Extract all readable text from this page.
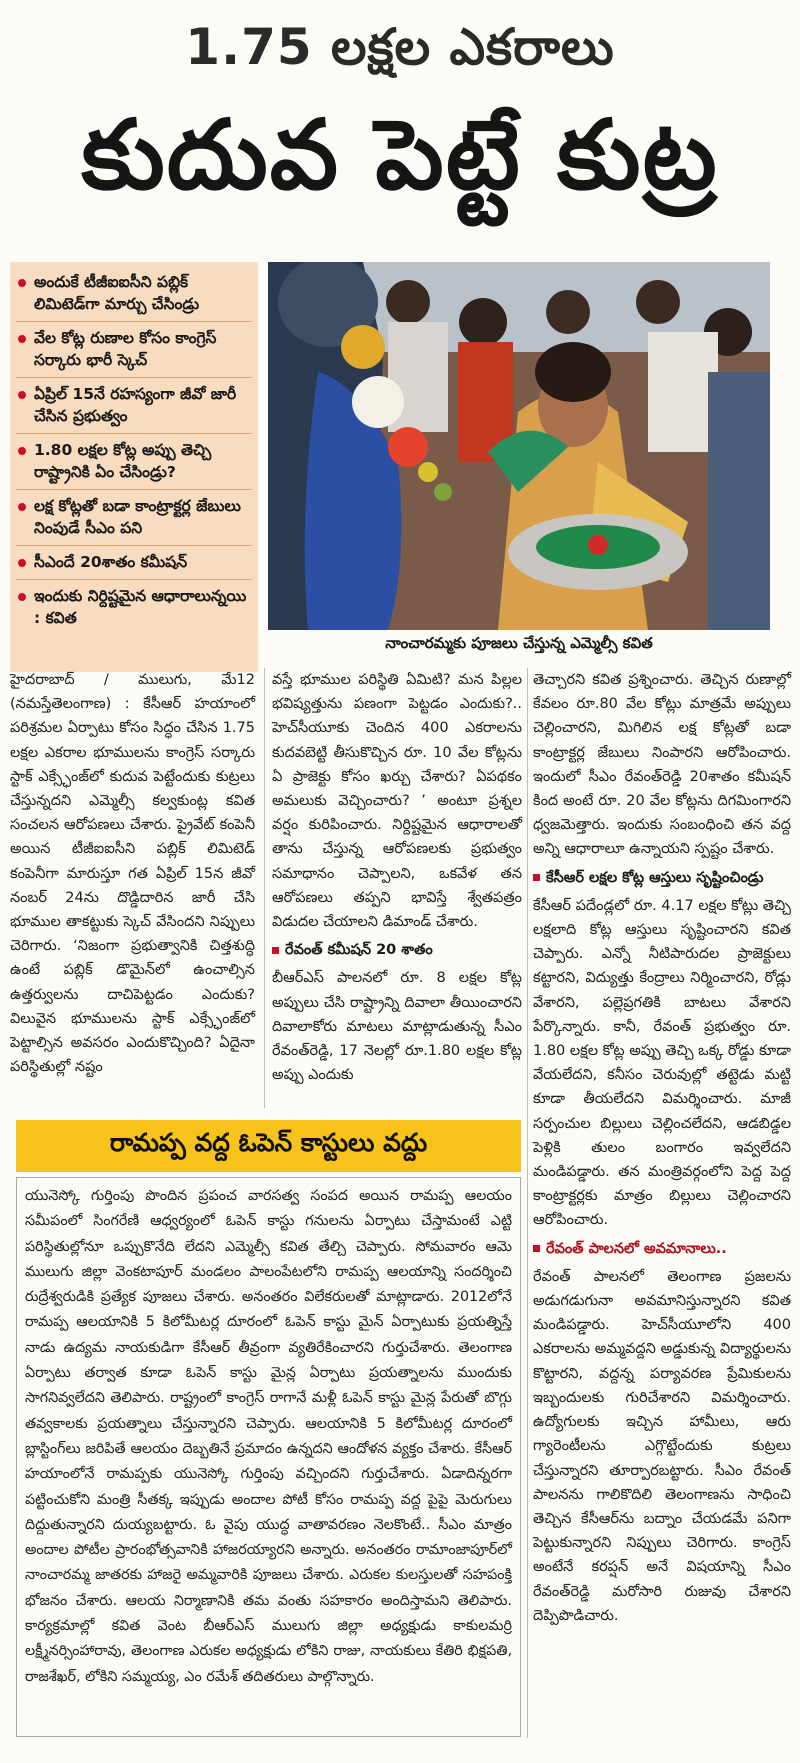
1.75 లక్షల ఎకరాలు
కుదువ పెట్టే కుట్ర
అందుకే టీజీఐఐసీని పబ్లిక్ లిమిటెడ్‌గా మార్చు చేసిండ్రు
వేల కోట్ల రుణాల కోసం కాంగ్రెస్ సర్కారు భారీ స్కెచ్
ఏప్రిల్ 15నే రహస్యంగా జీవో జారీ చేసిన ప్రభుత్వం
1.80 లక్షల కోట్ల అప్పు తెచ్చి రాష్ట్రానికి ఏం చేసిండ్రు?
లక్ష కోట్లతో బడా కాంట్రాక్టర్ల జేబులు నింపుడే సీఎం పని
సీఎందే 20శాతం కమీషన్
ఇందుకు నిర్దిష్టమైన ఆధారాలున్నయి : కవిత
నాంచారమ్మకు పూజలు చేస్తున్న ఎమ్మెల్సీ కవిత

హైదరాబాద్ / ములుగు, మే12 (నమస్తేతెలంగాణ) : కేసీఆర్ హయాంలో పరిశ్రమల ఏర్పాటు కోసం సిద్ధం చేసిన 1.75 లక్షల ఎకరాల భూములను కాంగ్రెస్ సర్కారు స్టాక్ ఎక్స్ఛేంజ్‌లో కుదువ పెట్టేందుకు కుట్రలు చేస్తున్నదని ఎమ్మెల్సీ కల్వకుంట్ల కవిత సంచలన ఆరోపణలు చేశారు. ప్రైవేట్ కంపెనీ అయిన టీజీఐఐసీని పబ్లిక్ లిమిటెడ్ కంపెనీగా మారుస్తూ గత ఏప్రిల్ 15న జీవో నంబర్ 24ను దొడ్డిదారిన జారీ చేసి భూముల తాకట్టుకు స్కెచ్ వేసిందని నిప్పులు చెరిగారు. ‘నిజంగా ప్రభుత్వానికి చిత్తశుద్ధి ఉంటే పబ్లిక్ డొమైన్‌లో ఉంచాల్సిన ఉత్తర్వులను దాచిపెట్టడం ఎందుకు? విలువైన భూములను స్టాక్ ఎక్స్ఛేంజ్‌లో పెట్టాల్సిన అవసరం ఎందుకొచ్చింది? ఏదైనా పరిస్థితుల్లో నష్టం

వస్తే భూముల పరిస్థితి ఏమిటి? మన పిల్లల భవిష్యత్తును పణంగా పెట్టడం ఎందుకు?.. హెచ్‌సీయూకు చెందిన 400 ఎకరాలను కుదవబెట్టి తీసుకొచ్చిన రూ. 10 వేల కోట్లను ఏ ప్రాజెక్టు కోసం ఖర్చు చేశారు? ఏపథకం అమలుకు వెచ్చించారు? ’ అంటూ ప్రశ్నల వర్షం కురిపించారు. నిర్దిష్టమైన ఆధారాలతో తాను చేస్తున్న ఆరోపణలకు ప్రభుత్వం సమాధానం చెప్పాలని, ఒకవేళ తన ఆరోపణలు తప్పని భావిస్తే శ్వేతపత్రం విడుదల చేయాలని డిమాండ్ చేశారు.

రేవంత్ కమీషన్ 20 శాతం

బీఆర్ఎస్ పాలనలో రూ. 8 లక్షల కోట్ల అప్పులు చేసి రాష్ట్రాన్ని దివాలా తీయించారని దివాలాకోరు మాటలు మాట్లాడుతున్న సీఎం రేవంత్‌రెడ్డి, 17 నెలల్లో రూ.1.80 లక్షల కోట్ల అప్పు ఎందుకు

తెచ్చారని కవిత ప్రశ్నించారు. తెచ్చిన రుణాల్లో కేవలం రూ.80 వేల కోట్లు మాత్రమే అప్పులు చెల్లించారని, మిగిలిన లక్ష కోట్లతో బడా కాంట్రాక్టర్ల జేబులు నింపారని ఆరోపించారు. ఇందులో సీఎం రేవంత్‌రెడ్డి 20శాతం కమీషన్ కింద అంటే రూ. 20 వేల కోట్లను దిగమింగారని ధ్వజమెత్తారు. ఇందుకు సంబంధించి తన వద్ద అన్ని ఆధారాలూ ఉన్నాయని స్పష్టం చేశారు.

కేసీఆర్ లక్షల కోట్ల ఆస్తులు సృష్టించిండ్రు

కేసీఆర్ పదేండ్లలో రూ. 4.17 లక్షల కోట్లు తెచ్చి లక్షలాది కోట్ల ఆస్తులు సృష్టించారని కవిత చెప్పారు. ఎన్నో నీటిపారుదల ప్రాజెక్టులు కట్టారని, విద్యుత్తు కేంద్రాలు నిర్మించారని, రోడ్లు వేశారని, పల్లెప్రగతికి బాటలు వేశారని పేర్కొన్నారు. కానీ, రేవంత్ ప్రభుత్వం రూ. 1.80 లక్షల కోట్ల అప్పు తెచ్చి ఒక్క రోడ్డు కూడా వేయలేదని, కనీసం చెరువుల్లో తట్టెడు మట్టి కూడా తీయలేదని విమర్శించారు. మాజీ సర్పంచుల బిల్లులు చెల్లించలేదని, ఆడబిడ్డల పెళ్లికి తులం బంగారం ఇవ్వలేదని మండిపడ్డారు. తన మంత్రివర్గంలోని పెద్ద పెద్ద కాంట్రాక్టర్లకు మాత్రం బిల్లులు చెల్లించారని ఆరోపించారు.

రేవంత్ పాలనలో అవమానాలు..

రేవంత్ పాలనలో తెలంగాణ ప్రజలను అడుగడుగునా అవమానిస్తున్నారని కవిత మండిపడ్డారు. హెచ్‌సీయూలోని 400 ఎకరాలను అమ్మవద్దని అడ్డుకున్న విద్యార్థులను కొట్టారని, వద్దన్న పర్యావరణ ప్రేమికులను ఇబ్బందులకు గురిచేశారని విమర్శించారు. ఉద్యోగులకు ఇచ్చిన హామీలు, ఆరు గ్యారెంటీలను ఎగ్గొట్టేందుకు కుట్రలు చేస్తున్నారని తూర్పారబట్టారు. సీఎం రేవంత్ పాలనను గాలికొదిలి తెలంగాణను సాధించి తెచ్చిన కేసీఆర్‌ను బద్నాం చేయడమే పనిగా పెట్టుకున్నారని నిప్పులు చెరిగారు. కాంగ్రెస్ అంటేనే కరప్షన్ అనే విషయాన్ని సీఎం రేవంత్‌రెడ్డి మరోసారి రుజువు చేశారని దెప్పిపొడిచారు.

రామప్ప వద్ద ఓపెన్ కాస్టులు వద్దు
యునెస్కో గుర్తింపు పొందిన ప్రపంచ వారసత్వ సంపద అయిన రామప్ప ఆలయం సమీపంలో సింగరేణి ఆధ్వర్యంలో ఓపెన్ కాస్టు గనులను ఏర్పాటు చేస్తామంటే ఎట్టి పరిస్థితుల్లోనూ ఒప్పుకొనేది లేదని ఎమ్మెల్సీ కవిత తేల్చి చెప్పారు. సోమవారం ఆమె ములుగు జిల్లా వెంకటాపూర్ మండలం పాలంపేటలోని రామప్ప ఆలయాన్ని సందర్శించి రుద్రేశ్వరుడికి ప్రత్యేక పూజలు చేశారు. అనంతరం విలేకరులతో మాట్లాడారు. 2012లోనే రామప్ప ఆలయానికి 5 కిలోమీటర్ల దూరంలో ఓపెన్ కాస్టు మైన్ ఏర్పాటుకు ప్రయత్నిస్తే నాడు ఉద్యమ నాయకుడిగా కేసీఆర్ తీవ్రంగా వ్యతిరేకించారని గుర్తుచేశారు. తెలంగాణ ఏర్పాటు తర్వాత కూడా ఓపెన్ కాస్టు మైన్ల ఏర్పాటు ప్రయత్నాలను ముందుకు సాగనివ్వలేదని తెలిపారు. రాష్ట్రంలో కాంగ్రెస్ రాగానే మళ్లీ ఓపెన్ కాస్టు మైన్ల పేరుతో బొగ్గు తవ్వకాలకు ప్రయత్నాలు చేస్తున్నారని చెప్పారు. ఆలయానికి 5 కిలోమీటర్ల దూరంలో బ్లాస్టింగ్‌లు జరిపితే ఆలయం దెబ్బతినే ప్రమాదం ఉన్నదని ఆందోళన వ్యక్తం చేశారు. కేసీఆర్ హయాంలోనే రామప్పకు యునెస్కో గుర్తింపు వచ్చిందని గుర్తుచేశారు. ఏడాదిన్నరగా పట్టించుకోని మంత్రి సీతక్క ఇప్పుడు అందాల పోటీ కోసం రామప్ప వద్ద పైపై మెరుగులు దిద్దుతున్నారని దుయ్యబట్టారు. ఓ వైపు యుద్ధ వాతావరణం నెలకొంటే.. సీఎం మాత్రం అందాల పోటీల ప్రారంభోత్సవానికి హాజరయ్యారని అన్నారు. అనంతరం రామాంజాపూర్‌లో నాంచారమ్మ జాతరకు హాజరై అమ్మవారికి పూజలు చేశారు. ఎరుకల కులస్తులతో సహపంక్తి భోజనం చేశారు. ఆలయ నిర్మాణానికి తమ వంతు సహకారం అందిస్తామని తెలిపారు. కార్యక్రమాల్లో కవిత వెంట బీఆర్ఎస్ ములుగు జిల్లా అధ్యక్షుడు కాకులమర్రి లక్ష్మీనర్సింహారావు, తెలంగాణ ఎరుకల అధ్యక్షుడు లోకిని రాజు, నాయకులు కేతిరి భిక్షపతి, రాజశేఖర్, లోకిని సమ్మయ్య, ఎం రమేశ్ తదితరులు పాల్గొన్నారు.
